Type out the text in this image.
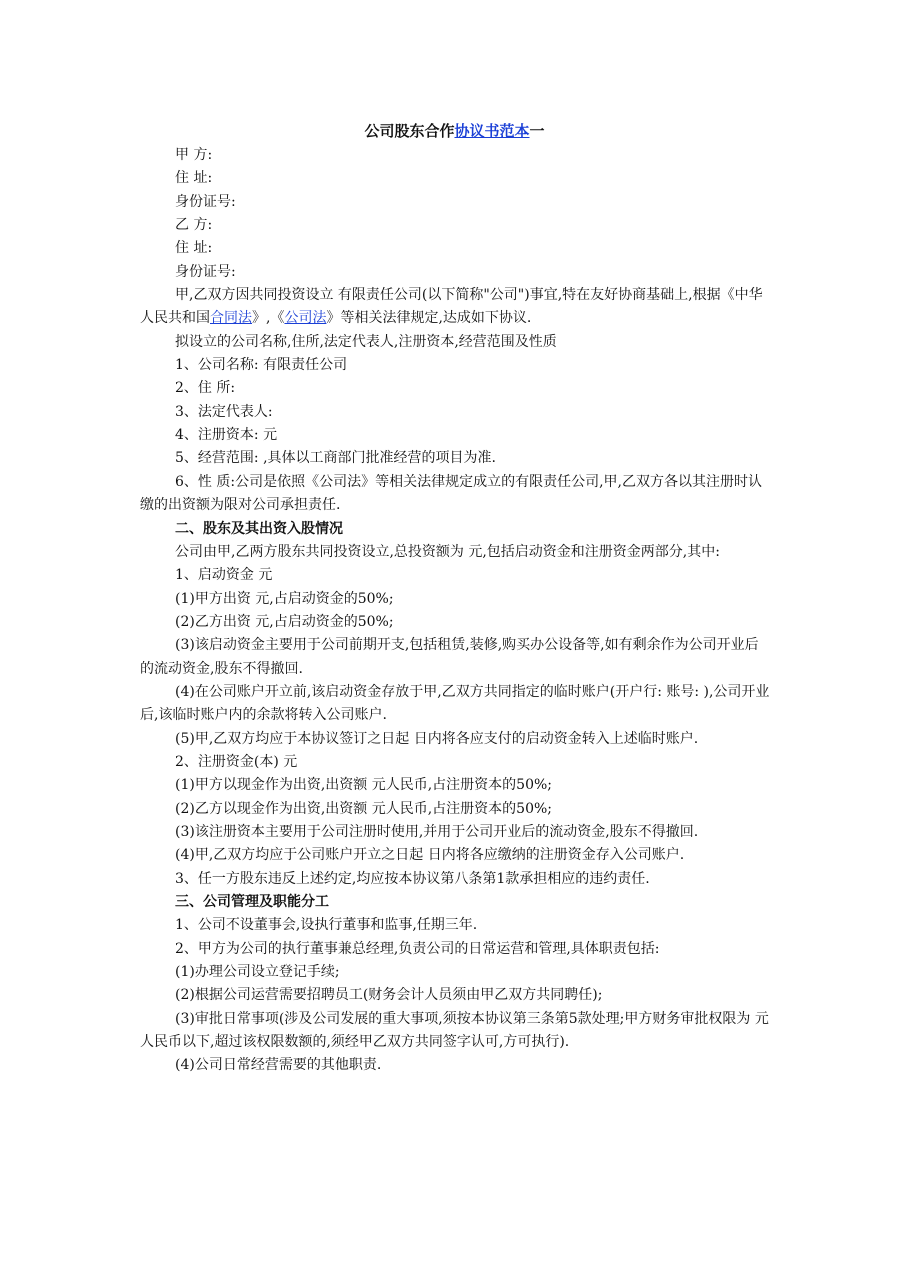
公司股东合作协议书范本一

甲 方:

住 址:

身份证号:

乙 方:

住 址:

身份证号:

甲,乙双方因共同投资设立 有限责任公司(以下简称"公司")事宜,特在友好协商基础上,根据《中华人民共和国合同法》,《公司法》等相关法律规定,达成如下协议.

拟设立的公司名称,住所,法定代表人,注册资本,经营范围及性质

1、公司名称: 有限责任公司

2、住 所:

3、法定代表人:

4、注册资本: 元

5、经营范围: ,具体以工商部门批准经营的项目为准.

6、性 质:公司是依照《公司法》等相关法律规定成立的有限责任公司,甲,乙双方各以其注册时认缴的出资额为限对公司承担责任.

二、股东及其出资入股情况

公司由甲,乙两方股东共同投资设立,总投资额为 元,包括启动资金和注册资金两部分,其中:

1、启动资金 元

(1)甲方出资 元,占启动资金的50%;

(2)乙方出资 元,占启动资金的50%;

(3)该启动资金主要用于公司前期开支,包括租赁,装修,购买办公设备等,如有剩余作为公司开业后的流动资金,股东不得撤回.

(4)在公司账户开立前,该启动资金存放于甲,乙双方共同指定的临时账户(开户行: 账号: ),公司开业后,该临时账户内的余款将转入公司账户.

(5)甲,乙双方均应于本协议签订之日起 日内将各应支付的启动资金转入上述临时账户.

2、注册资金(本) 元

(1)甲方以现金作为出资,出资额 元人民币,占注册资本的50%;

(2)乙方以现金作为出资,出资额 元人民币,占注册资本的50%;

(3)该注册资本主要用于公司注册时使用,并用于公司开业后的流动资金,股东不得撤回.

(4)甲,乙双方均应于公司账户开立之日起 日内将各应缴纳的注册资金存入公司账户.

3、任一方股东违反上述约定,均应按本协议第八条第1款承担相应的违约责任.

三、公司管理及职能分工

1、公司不设董事会,设执行董事和监事,任期三年.

2、甲方为公司的执行董事兼总经理,负责公司的日常运营和管理,具体职责包括:

(1)办理公司设立登记手续;

(2)根据公司运营需要招聘员工(财务会计人员须由甲乙双方共同聘任);

(3)审批日常事项(涉及公司发展的重大事项,须按本协议第三条第5款处理;甲方财务审批权限为 元人民币以下,超过该权限数额的,须经甲乙双方共同签字认可,方可执行).

(4)公司日常经营需要的其他职责.
